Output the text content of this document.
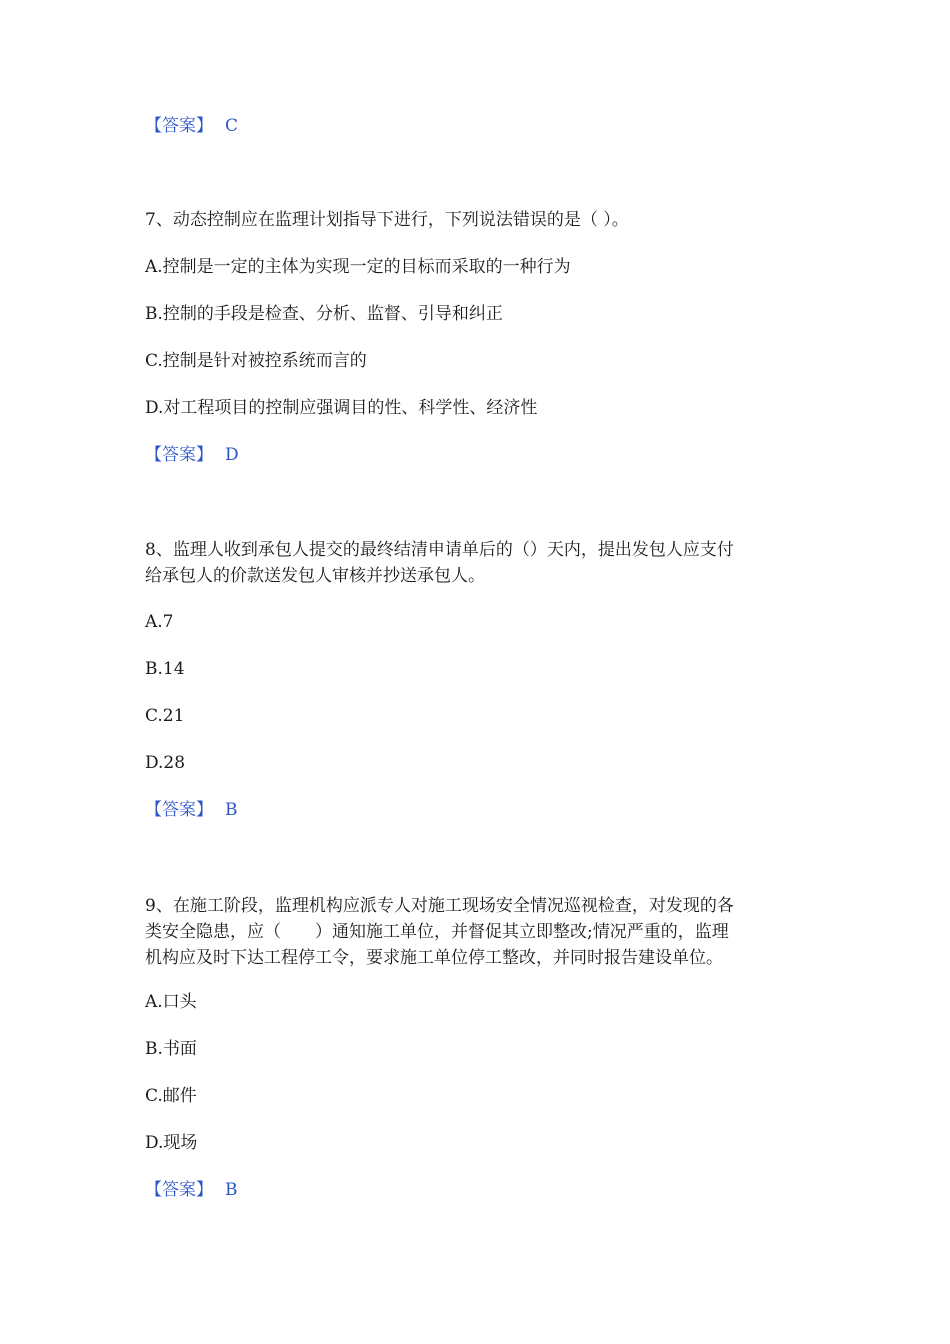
【答案】 C
7、动态控制应在监理计划指导下进行，下列说法错误的是（ ）。
A.控制是一定的主体为实现一定的目标而采取的一种行为
B.控制的手段是检查、分析、监督、引导和纠正
C.控制是针对被控系统而言的
D.对工程项目的控制应强调目的性、科学性、经济性
【答案】 D
8、监理人收到承包人提交的最终结清申请单后的（）天内，提出发包人应支付
给承包人的价款送发包人审核并抄送承包人。
A.7
B.14
C.21
D.28
【答案】 B
9、在施工阶段，监理机构应派专人对施工现场安全情况巡视检查，对发现的各
类安全隐患，应（　　）通知施工单位，并督促其立即整改;情况严重的，监理
机构应及时下达工程停工令，要求施工单位停工整改，并同时报告建设单位。
A.口头
B.书面
C.邮件
D.现场
【答案】 B
